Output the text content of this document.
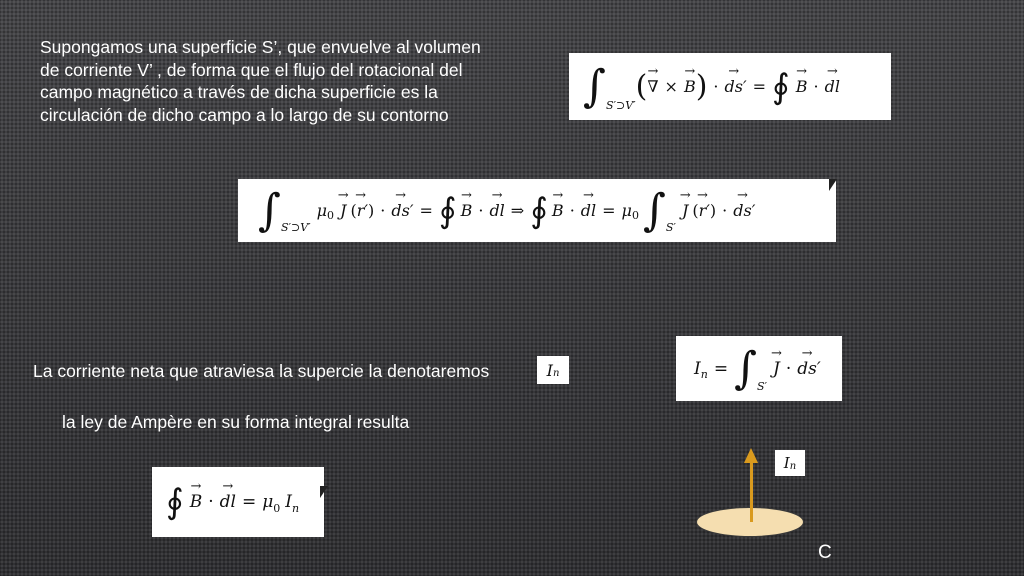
Supongamos una superficie S’, que envuelve al volumen
de corriente V’ , de forma que el flujo del rotacional del
campo magnético a través de dicha superficie es la
circulación de dicho campo a lo largo de su contorno
∫ S′⊃V′
( → ∇ × → B ) · → ds ′ = ∮ → B · → dl
∫ S′⊃V′
μ 0 → J ( → r ′ ) · → ds ′ = ∮ → B · → dl ⇒ ∮ → B · → dl = μ 0 ∫ S′
→ J ( → r ′ ) · → ds ′
La corriente neta que atraviesa la supercie la denotaremos	I n	I n = ∫ S′
→ J · → ds ′
la ley de Ampère en su forma integral resulta
∮ → B · → dl = μ 0 I n
I n
C
